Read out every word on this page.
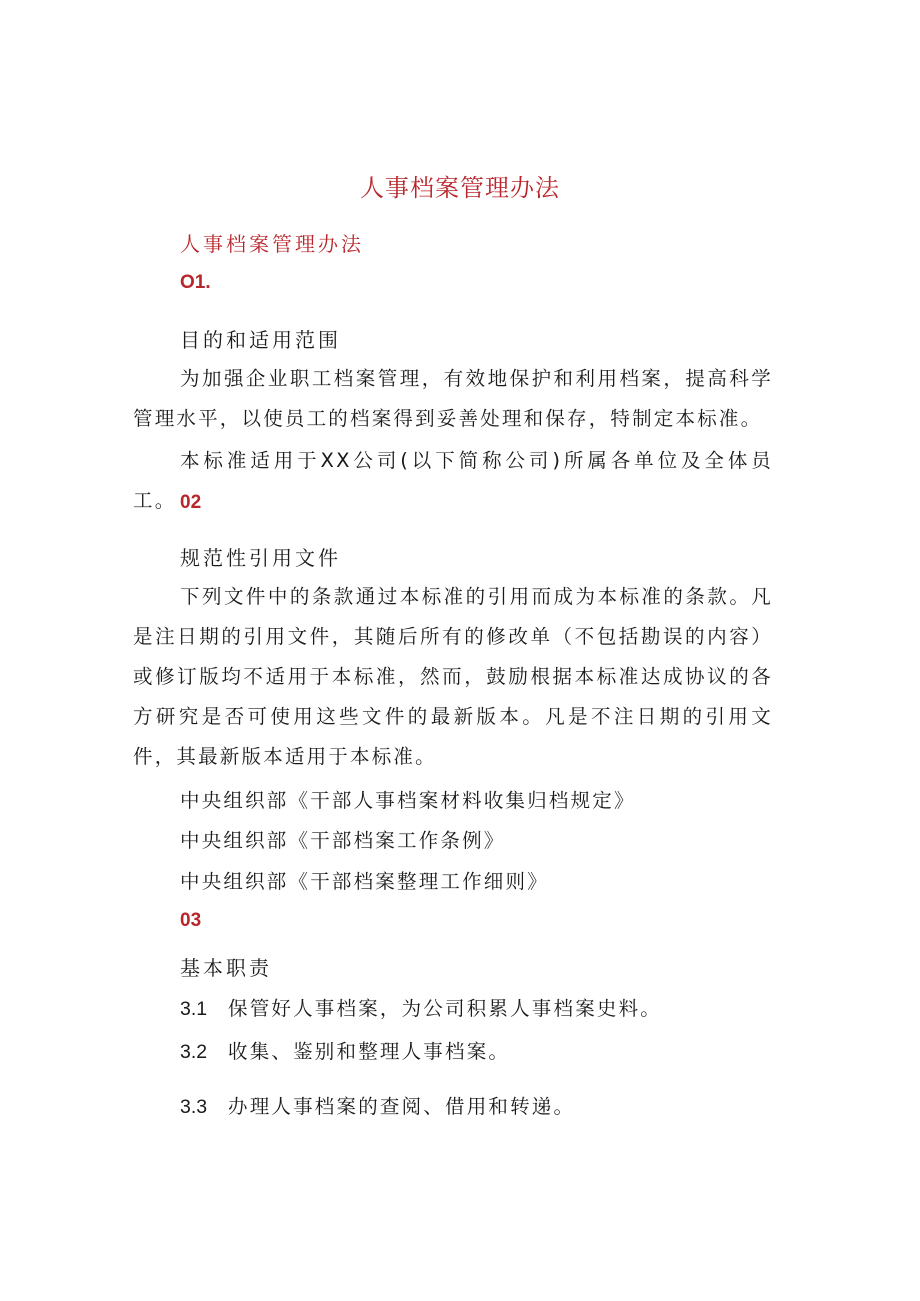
人事档案管理办法
人事档案管理办法
O1.
目的和适用范围
为加强企业职工档案管理，有效地保护和利用档案，提高科学管理水平，以使员工的档案得到妥善处理和保存，特制定本标准。
本标准适用于XX公司(以下简称公司)所属各单位及全体员工。 02
规范性引用文件
下列文件中的条款通过本标准的引用而成为本标准的条款。凡是注日期的引用文件，其随后所有的修改单（不包括勘误的内容）或修订版均不适用于本标准，然而，鼓励根据本标准达成协议的各方研究是否可使用这些文件的最新版本。凡是不注日期的引用文件，其最新版本适用于本标准。
中央组织部《干部人事档案材料收集归档规定》
中央组织部《干部档案工作条例》
中央组织部《干部档案整理工作细则》
03
基本职责
3.1 保管好人事档案，为公司积累人事档案史料。
3.2 收集、鉴别和整理人事档案。
3.3 办理人事档案的查阅、借用和转递。
